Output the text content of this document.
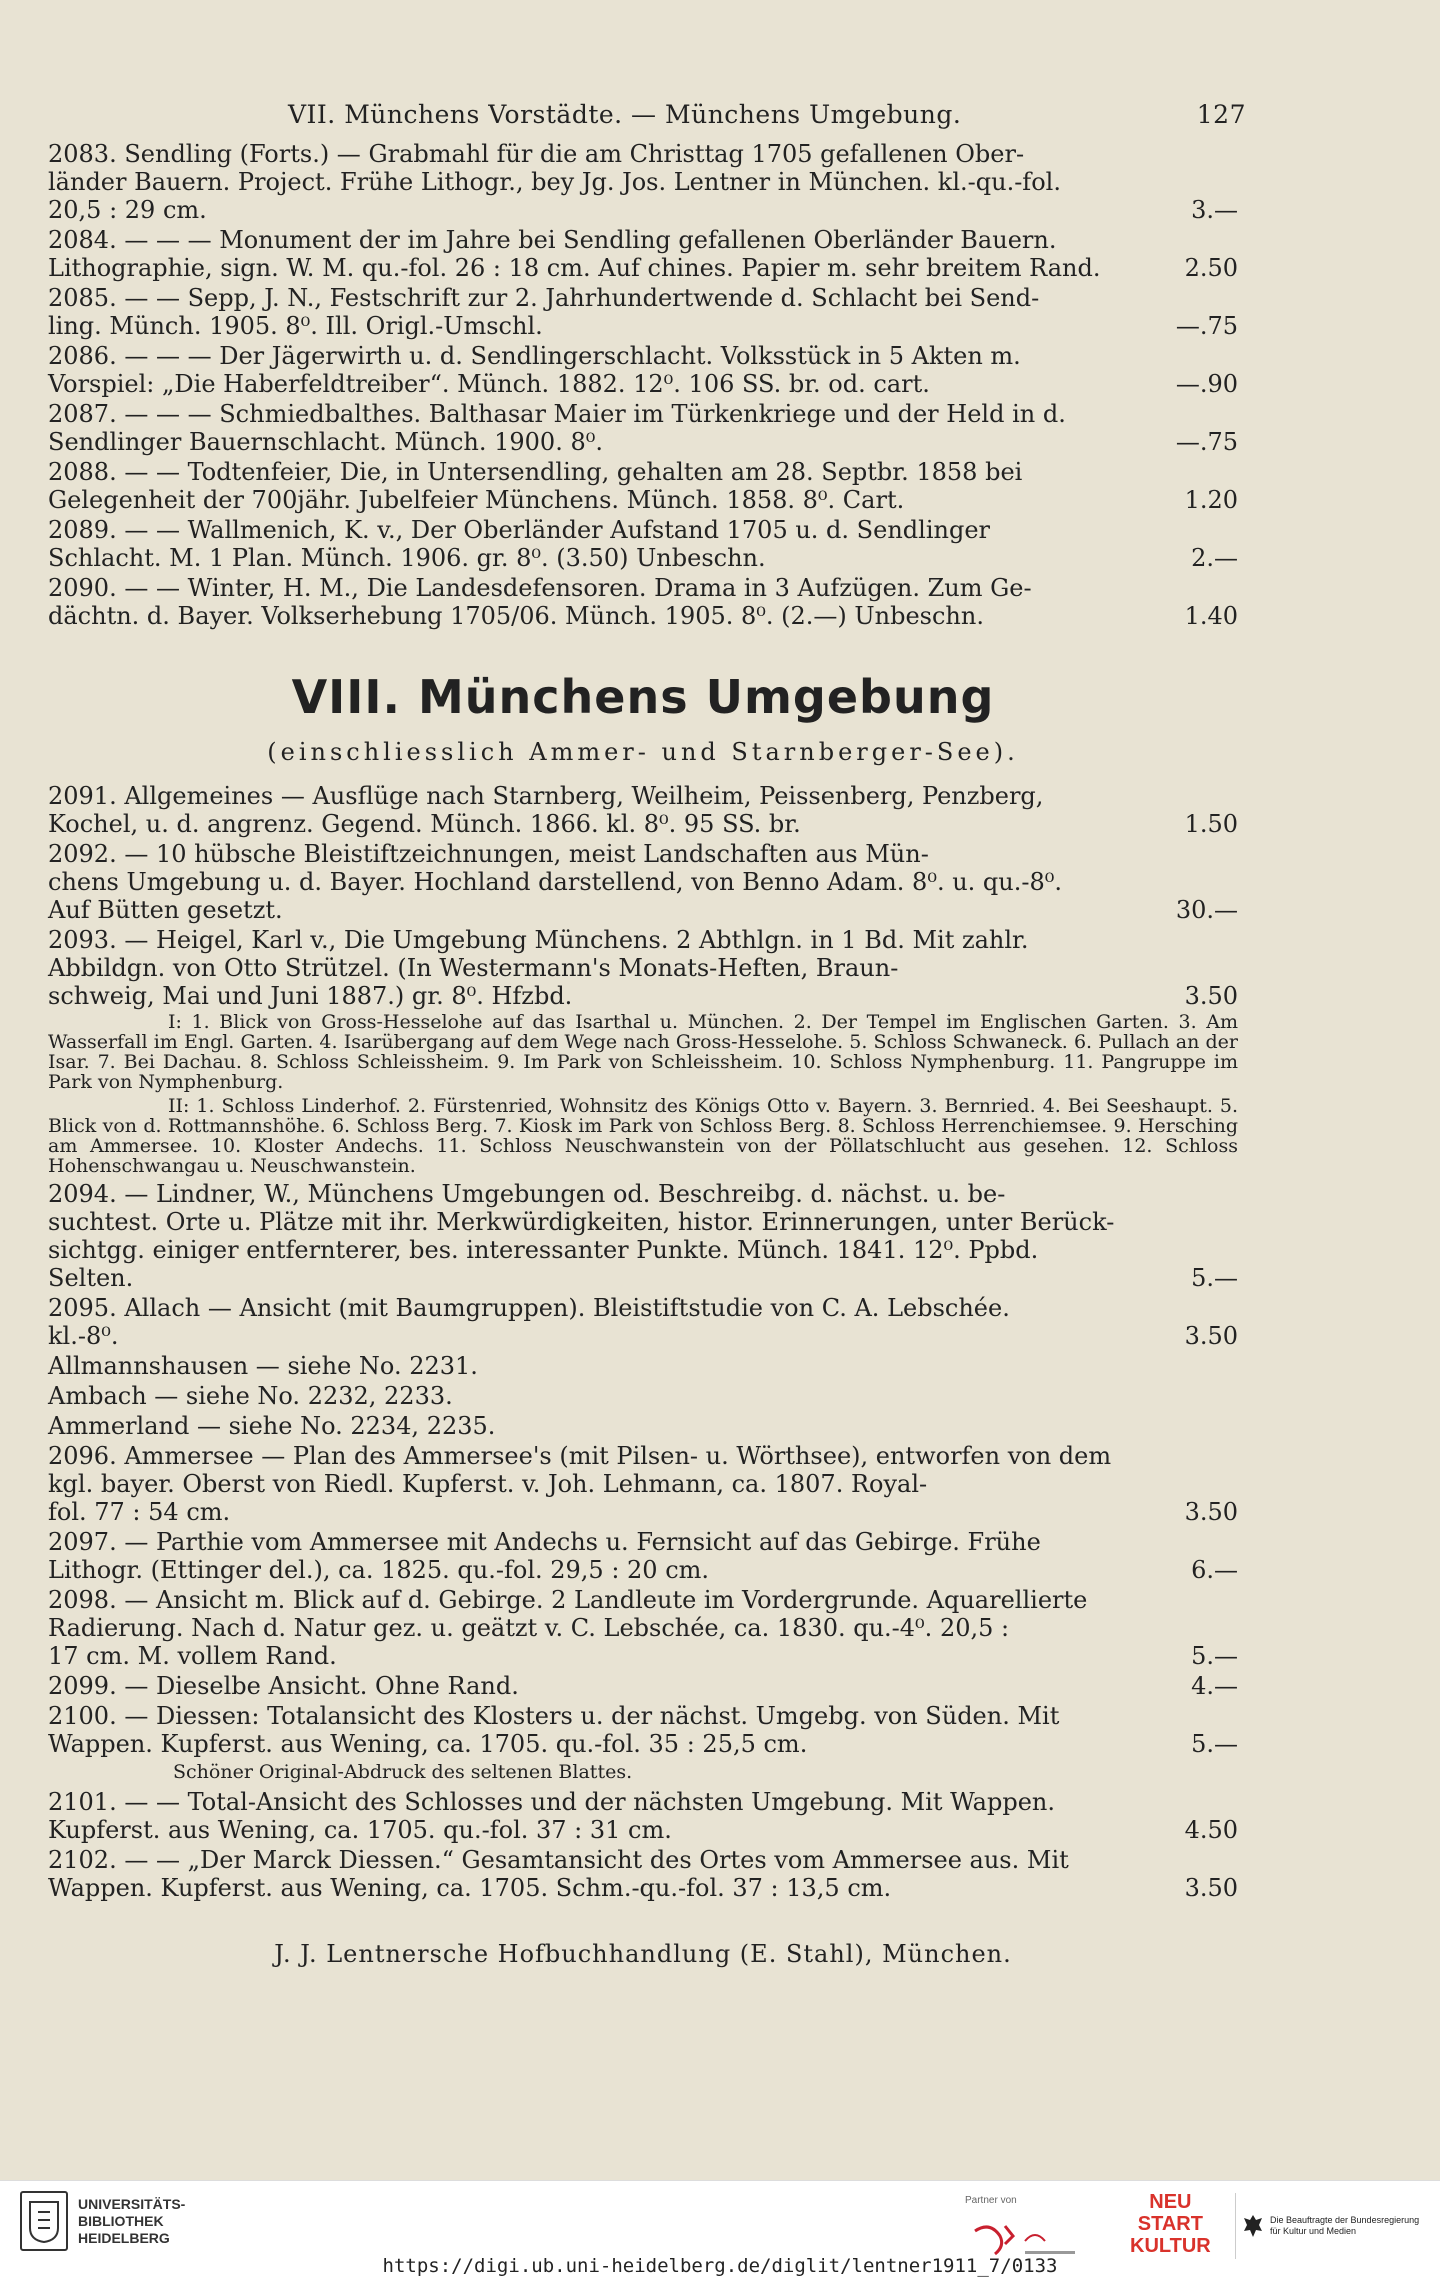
VII. Münchens Vorstädte. — Münchens Umgebung.	127
2083. Sendling (Forts.) — Grabmahl für die am Christtag 1705 gefallenen Ober-
länder Bauern. Project. Frühe Lithogr., bey Jg. Jos. Lentner in München. kl.-qu.-fol.
3.—
20,5 : 29 cm.
2084. — — — Monument der im Jahre bei Sendling gefallenen Oberländer Bauern.
2.50
Lithographie, sign. W. M. qu.-fol. 26 : 18 cm. Auf chines. Papier m. sehr breitem Rand.
2085. — — Sepp, J. N., Festschrift zur 2. Jahrhundertwende d. Schlacht bei Send-
—.75
ling. Münch. 1905. 8⁰. Ill. Origl.-Umschl.
2086. — — — Der Jägerwirth u. d. Sendlingerschlacht. Volksstück in 5 Akten m.
—.90
Vorspiel: „Die Haberfeldtreiber“. Münch. 1882. 12⁰. 106 SS. br. od. cart.
2087. — — — Schmiedbalthes. Balthasar Maier im Türkenkriege und der Held in d.
—.75
Sendlinger Bauernschlacht. Münch. 1900. 8⁰.
2088. — — Todtenfeier, Die, in Untersendling, gehalten am 28. Septbr. 1858 bei
1.20
Gelegenheit der 700jähr. Jubelfeier Münchens. Münch. 1858. 8⁰. Cart.
2089. — — Wallmenich, K. v., Der Oberländer Aufstand 1705 u. d. Sendlinger
2.—
Schlacht. M. 1 Plan. Münch. 1906. gr. 8⁰. (3.50) Unbeschn.
2090. — — Winter, H. M., Die Landesdefensoren. Drama in 3 Aufzügen. Zum Ge-
1.40
dächtn. d. Bayer. Volkserhebung 1705/06. Münch. 1905. 8⁰. (2.—) Unbeschn.
VIII. Münchens Umgebung
(einschliesslich Ammer- und Starnberger-See).
2091. Allgemeines — Ausflüge nach Starnberg, Weilheim, Peissenberg, Penzberg,
1.50
Kochel, u. d. angrenz. Gegend. Münch. 1866. kl. 8⁰. 95 SS. br.
2092. — 10 hübsche Bleistiftzeichnungen, meist Landschaften aus Mün-
chens Umgebung u. d. Bayer. Hochland darstellend, von Benno Adam. 8⁰. u. qu.-8⁰.
30.—
Auf Bütten gesetzt.
2093. — Heigel, Karl v., Die Umgebung Münchens. 2 Abthlgn. in 1 Bd. Mit zahlr.
Abbildgn. von Otto Strützel. (In Westermann's Monats-Heften, Braun-
3.50
schweig, Mai und Juni 1887.) gr. 8⁰. Hfzbd.
I: 1. Blick von Gross-Hesselohe auf das Isarthal u. München. 2. Der Tempel im Englischen Garten. 3. Am Wasserfall im Engl. Garten. 4. Isarübergang auf dem Wege nach Gross-Hesselohe. 5. Schloss Schwaneck. 6. Pullach an der Isar. 7. Bei Dachau. 8. Schloss Schleissheim. 9. Im Park von Schleissheim. 10. Schloss Nymphenburg. 11. Pangruppe im Park von Nymphenburg.
II: 1. Schloss Linderhof. 2. Fürstenried, Wohnsitz des Königs Otto v. Bayern. 3. Bernried. 4. Bei Seeshaupt. 5. Blick von d. Rottmannshöhe. 6. Schloss Berg. 7. Kiosk im Park von Schloss Berg. 8. Schloss Herrenchiemsee. 9. Hersching am Ammersee. 10. Kloster Andechs. 11. Schloss Neuschwanstein von der Pöllatschlucht aus gesehen. 12. Schloss Hohenschwangau u. Neuschwanstein.
2094. — Lindner, W., Münchens Umgebungen od. Beschreibg. d. nächst. u. be-
suchtest. Orte u. Plätze mit ihr. Merkwürdigkeiten, histor. Erinnerungen, unter Berück-
sichtgg. einiger entfernterer, bes. interessanter Punkte. Münch. 1841. 12⁰. Ppbd.
5.—
Selten.
2095. Allach — Ansicht (mit Baumgruppen). Bleistiftstudie von C. A. Lebschée.
3.50
kl.-8⁰.
Allmannshausen — siehe No. 2231.
Ambach — siehe No. 2232, 2233.
Ammerland — siehe No. 2234, 2235.
2096. Ammersee — Plan des Ammersee's (mit Pilsen- u. Wörthsee), entworfen von dem
kgl. bayer. Oberst von Riedl. Kupferst. v. Joh. Lehmann, ca. 1807. Royal-
3.50
fol. 77 : 54 cm.
2097. — Parthie vom Ammersee mit Andechs u. Fernsicht auf das Gebirge. Frühe
6.—
Lithogr. (Ettinger del.), ca. 1825. qu.-fol. 29,5 : 20 cm.
2098. — Ansicht m. Blick auf d. Gebirge. 2 Landleute im Vordergrunde. Aquarellierte
Radierung. Nach d. Natur gez. u. geätzt v. C. Lebschée, ca. 1830. qu.-4⁰. 20,5 :
5.—
17 cm. M. vollem Rand.
4.—
2099. — Dieselbe Ansicht. Ohne Rand.
2100. — Diessen: Totalansicht des Klosters u. der nächst. Umgebg. von Süden. Mit
5.—
Wappen. Kupferst. aus Wening, ca. 1705. qu.-fol. 35 : 25,5 cm.
Schöner Original-Abdruck des seltenen Blattes.
2101. — — Total-Ansicht des Schlosses und der nächsten Umgebung. Mit Wappen.
4.50
Kupferst. aus Wening, ca. 1705. qu.-fol. 37 : 31 cm.
2102. — — „Der Marck Diessen.“ Gesamtansicht des Ortes vom Ammersee aus. Mit
3.50
Wappen. Kupferst. aus Wening, ca. 1705. Schm.-qu.-fol. 37 : 13,5 cm.
J. J. Lentnersche Hofbuchhandlung (E. Stahl), München.
UNIVERSITÄTS-
BIBLIOTHEK
HEIDELBERG
Partner von	NEU
START
KULTUR
Die Beauftragte der Bundesregierung
für Kultur und Medien
https://digi.ub.uni-heidelberg.de/diglit/lentner1911_7/0133
